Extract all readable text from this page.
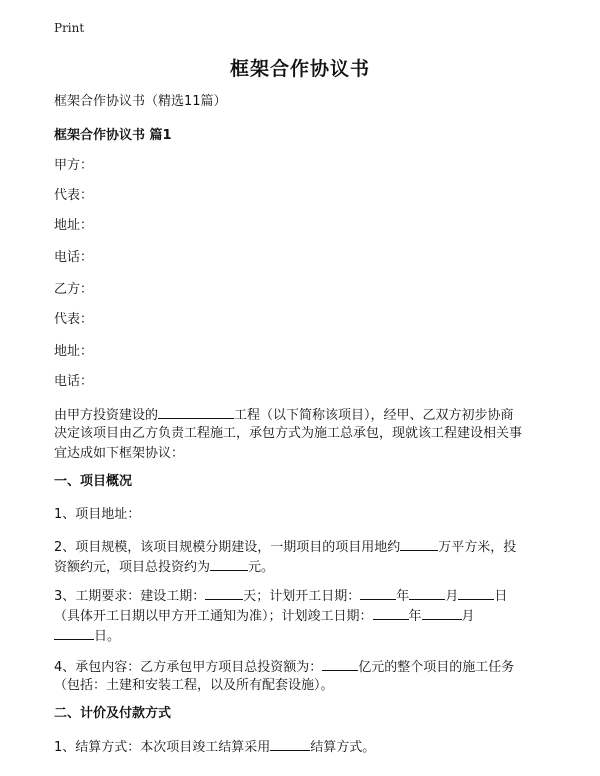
Print
框架合作协议书
框架合作协议书（精选11篇）
框架合作协议书 篇1
甲方：
代表：
地址：
电话：
乙方：
代表：
地址：
电话：
由甲方投资建设的	工程（以下简称该项目），经甲、乙双方初步协商
决定该项目由乙方负责工程施工，承包方式为施工总承包，现就该工程建设相关事
宜达成如下框架协议：
一、项目概况
1、项目地址：
2、项目规模，该项目规模分期建设，一期项目的项目用地约	万平方米，投
资额约元，项目总投资约为	元。
3、工期要求：建设工期：	天；计划开工日期：	年	月	日
（具体开工日期以甲方开工通知为准）；计划竣工日期：	年	月
日。
4、承包内容：乙方承包甲方项目总投资额为：	亿元的整个项目的施工任务
（包括：土建和安装工程，以及所有配套设施）。
二、计价及付款方式
1、结算方式：本次项目竣工结算采用	结算方式。
